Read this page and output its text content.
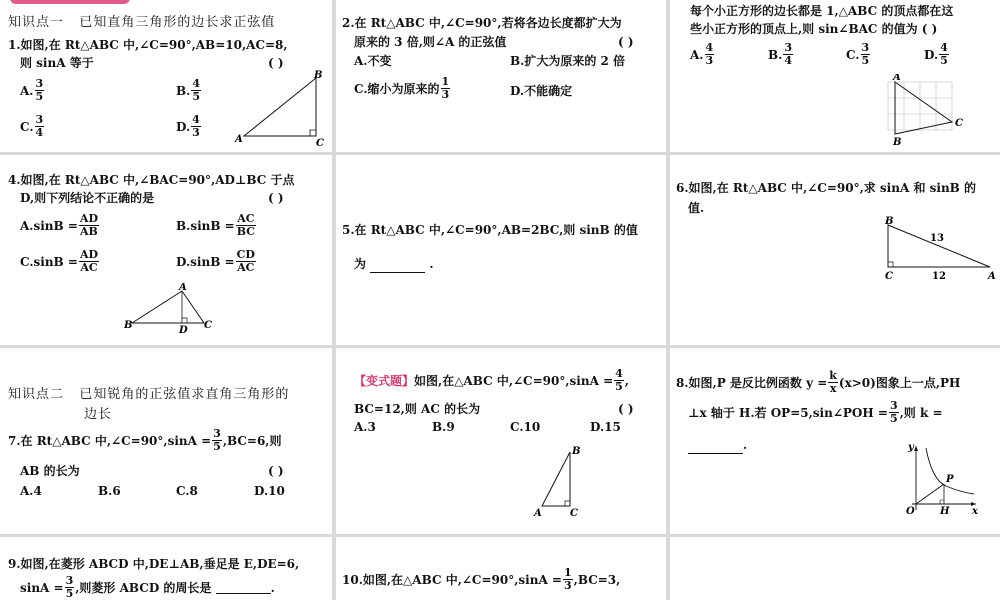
知识点一 已知直角三角形的边长求正弦值
1.如图,在 Rt△ABC 中,∠C=90°,AB=10,AC=8,
则 sinA 等于	( )
A. $\frac{3}{5}$	B. $\frac{4}{5}$
C. $\frac{3}{4}$	D. $\frac{4}{3}$
A
B
C
2.在 Rt△ABC 中,∠C=90°,若将各边长度都扩大为
原来的 3 倍,则∠A 的正弦值	( )
A.不变	B.扩大为原来的 2 倍
C.缩小为原来的 $\frac{1}{3}$	D.不能确定
每个小正方形的边长都是 1,△ABC 的顶点都在这
些小正方形的顶点上,则 sin∠BAC 的值为 ( )
A. $\frac{4}{3}$	B. $\frac{3}{4}$	C. $\frac{3}{5}$	D. $\frac{4}{5}$
A
C
B
4.如图,在 Rt△ABC 中,∠BAC=90°,AD⊥BC 于点
D,则下列结论不正确的是	( )
$A.\sin B = \frac{AD}{AB}$	$B.\sin B = \frac{AC}{BC}$
$C.\sin B = \frac{AD}{AC}$	$D.\sin B = \frac{CD}{AC}$
A
B	D C
5.在 Rt△ABC 中,∠C=90°,AB=2BC,则 sinB 的值
为	.
6.如图,在 Rt△ABC 中,∠C=90°,求 sinA 和 sinB 的
值.
B
C	A
13
12
知识点二 已知锐角的正弦值求直角三角形的
边长
7.在 Rt△ABC 中,∠C=90°,sinA = $\frac{3}{5} ,BC=6$,则
AB 的长为	( )
A.4	B.6	C.8	D.10
【变式题】 如图,在△ABC 中,∠C=90°,sinA = $\frac{4}{5}$ ,
BC=12,则 AC 的长为	( )
A.3	B.9	C.10	D.15
B
A	C
8.如图,P 是反比例函数 $y = \frac{k}{x} (x>0)$图象上一点,PH
⊥x 轴于 H.若 OP=5,sin∠POH = $\frac{3}{5}$ ,则 k =
.	y
x
O	H
P
9.如图,在菱形 ABCD 中,DE⊥AB,垂足是 E,DE=6,
$\sin A = \frac{3}{5}$ ,则菱形 ABCD 的周长是
	.
10.如图,在△ABC 中,∠C=90°,sinA = $\frac{1}{3} ,BC=3$,
